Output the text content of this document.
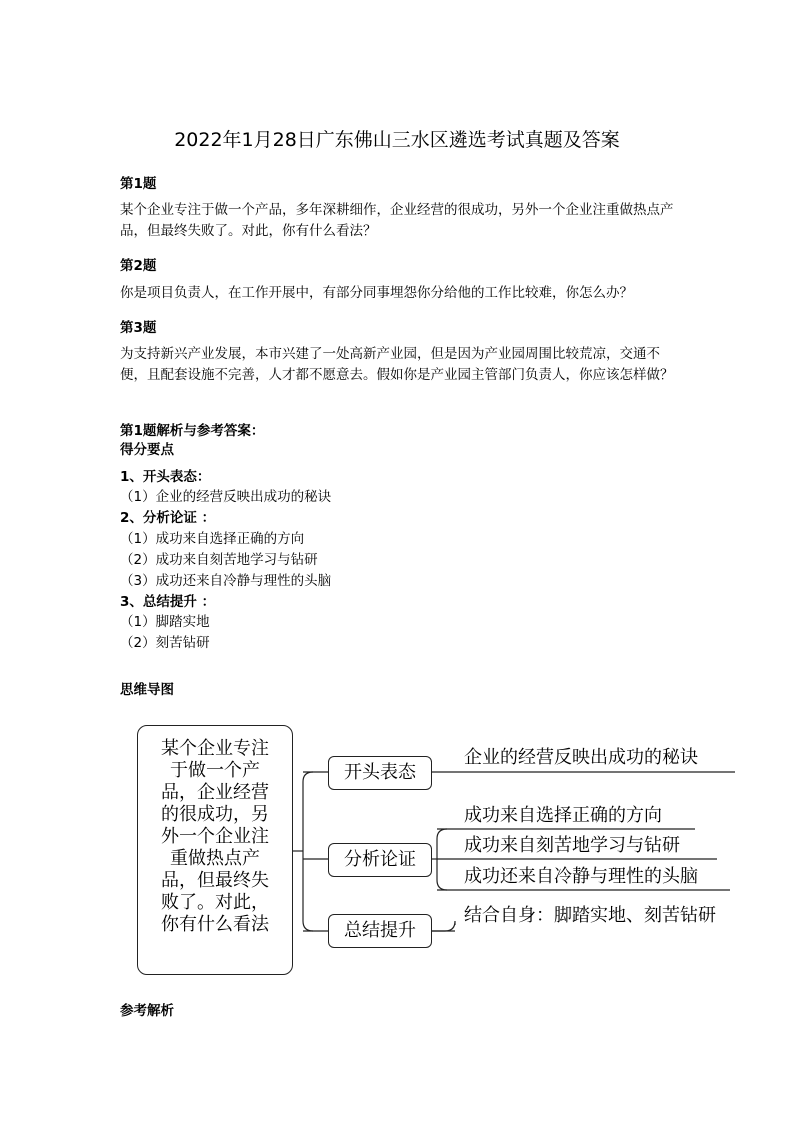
2022年1月28日广东佛山三水区遴选考试真题及答案
第1题
某个企业专注于做一个产品，多年深耕细作，企业经营的很成功，另外一个企业注重做热点产品，但最终失败了。对此，你有什么看法？
第2题
你是项目负责人，在工作开展中，有部分同事埋怨你分给他的工作比较难，你怎么办？
第3题
为支持新兴产业发展，本市兴建了一处高新产业园，但是因为产业园周围比较荒凉，交通不便，且配套设施不完善，人才都不愿意去。假如你是产业园主管部门负责人，你应该怎样做？
第1题解析与参考答案：
得分要点
1、开头表态：
（1）企业的经营反映出成功的秘诀
2、分析论证 ：
（1）成功来自选择正确的方向
（2）成功来自刻苦地学习与钻研
（3）成功还来自冷静与理性的头脑
3、总结提升 ：
（1）脚踏实地
（2）刻苦钻研
思维导图
某个企业专注于做一个产品，企业经营的很成功，另外一个企业注重做热点产品，但最终失败了。对此，你有什么看法
开头表态
分析论证
总结提升
企业的经营反映出成功的秘诀
成功来自选择正确的方向
成功来自刻苦地学习与钻研
成功还来自冷静与理性的头脑
结合自身：脚踏实地、刻苦钻研
参考解析
